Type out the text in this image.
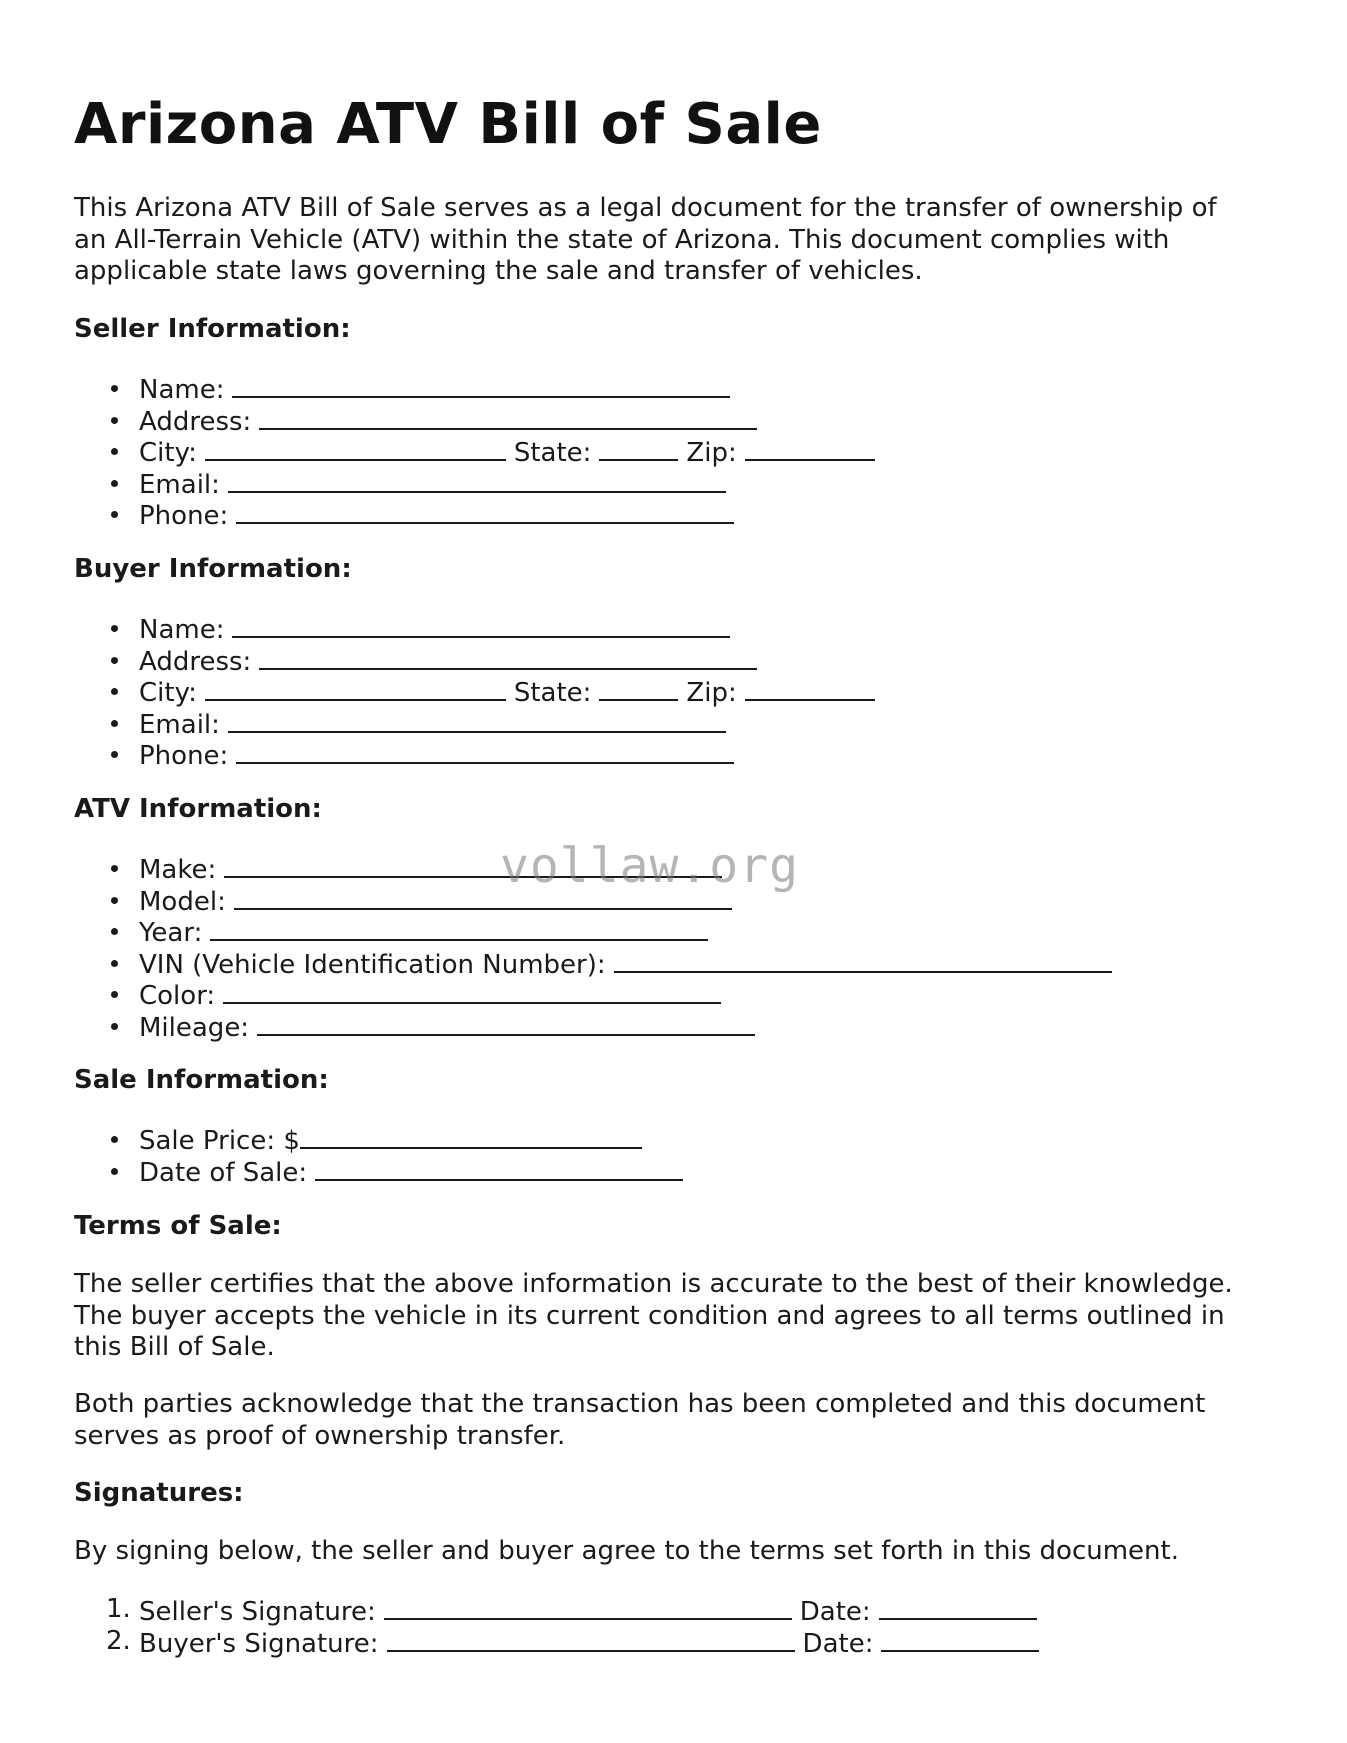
Arizona ATV Bill of Sale

This Arizona ATV Bill of Sale serves as a legal document for the transfer of ownership of an All-Terrain Vehicle (ATV) within the state of Arizona. This document complies with applicable state laws governing the sale and transfer of vehicles.

Seller Information:

Name:
Address:
City:	State:	Zip:
Email:
Phone:

Buyer Information:

Name:
Address:
City:	State:	Zip:
Email:
Phone:

ATV Information:

Make:
Model:
Year:
VIN (Vehicle Identification Number):
Color:
Mileage:

Sale Information:

Sale Price: $
Date of Sale:

Terms of Sale:

The seller certifies that the above information is accurate to the best of their knowledge. The buyer accepts the vehicle in its current condition and agrees to all terms outlined in this Bill of Sale.

Both parties acknowledge that the transaction has been completed and this document serves as proof of ownership transfer.

Signatures:

By signing below, the seller and buyer agree to the terms set forth in this document.

1. Seller's Signature:	Date:
2. Buyer's Signature:	Date:
vollaw.org
